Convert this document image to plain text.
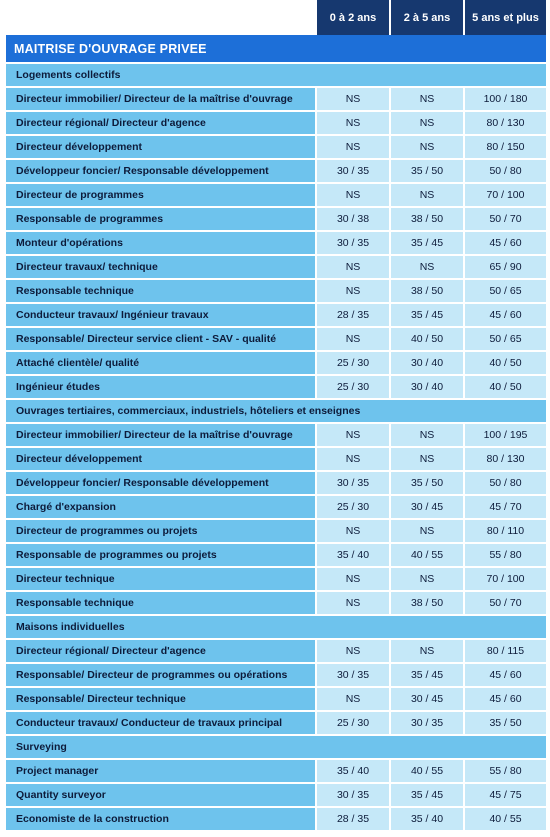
	0 à 2 ans	2 à 5 ans	5 ans et plus
MAITRISE D'OUVRAGE PRIVEE			
Logements collectifs			
Directeur immobilier/ Directeur de la maîtrise d'ouvrage	NS	NS	100 / 180
Directeur régional/ Directeur d'agence	NS	NS	80 / 130
Directeur développement	NS	NS	80 / 150
Développeur foncier/ Responsable développement	30 / 35	35 / 50	50 / 80
Directeur de programmes	NS	NS	70 / 100
Responsable de programmes	30 / 38	38 / 50	50 / 70
Monteur d'opérations	30 / 35	35 / 45	45 / 60
Directeur travaux/ technique	NS	NS	65 / 90
Responsable technique	NS	38 / 50	50 / 65
Conducteur travaux/ Ingénieur travaux	28 / 35	35 / 45	45 / 60
Responsable/ Directeur service client - SAV - qualité	NS	40 / 50	50 / 65
Attaché clientèle/ qualité	25 / 30	30 / 40	40 / 50
Ingénieur études	25 / 30	30 / 40	40 / 50
Ouvrages tertiaires, commerciaux, industriels, hôteliers et enseignes			
Directeur immobilier/ Directeur de la maîtrise d'ouvrage	NS	NS	100 / 195
Directeur développement	NS	NS	80 / 130
Développeur foncier/ Responsable développement	30 / 35	35 / 50	50 / 80
Chargé d'expansion	25 / 30	30 / 45	45 / 70
Directeur de programmes ou projets	NS	NS	80 / 110
Responsable de programmes ou projets	35 / 40	40 / 55	55 / 80
Directeur technique	NS	NS	70 / 100
Responsable technique	NS	38 / 50	50 / 70
Maisons individuelles			
Directeur régional/ Directeur d'agence	NS	NS	80 / 115
Responsable/ Directeur de programmes ou opérations	30 / 35	35 / 45	45 / 60
Responsable/ Directeur technique	NS	30 / 45	45 / 60
Conducteur travaux/ Conducteur de travaux principal	25 / 30	30 / 35	35 / 50
Surveying			
Project manager	35 / 40	40 / 55	55 / 80
Quantity surveyor	30 / 35	35 / 45	45 / 75
Economiste de la construction	28 / 35	35 / 40	40 / 55
